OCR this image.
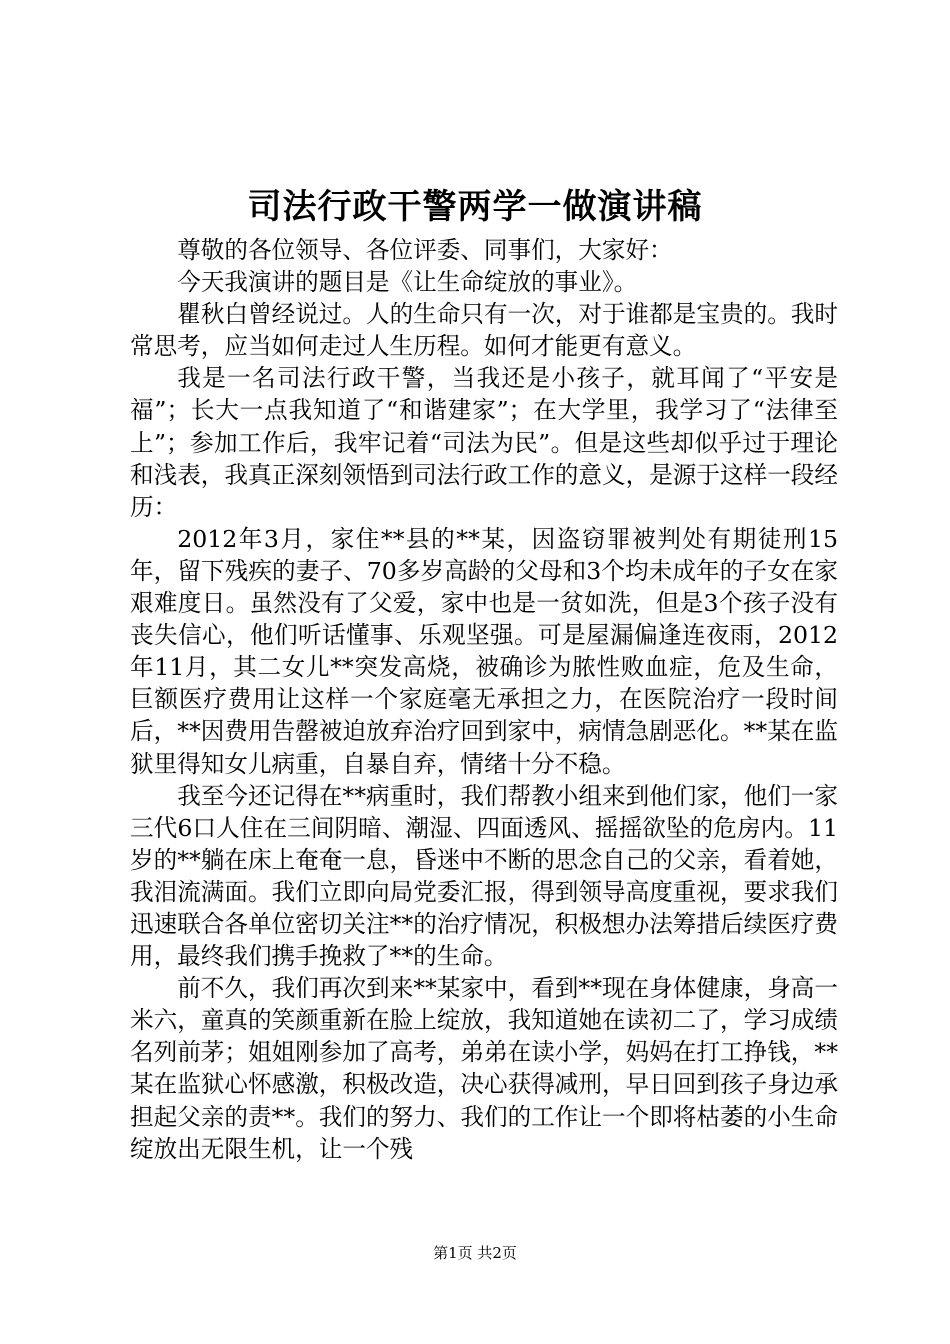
司法行政干警两学一做演讲稿

尊敬的各位领导、各位评委、同事们，大家好：

今天我演讲的题目是《让生命绽放的事业》。

瞿秋白曾经说过。人的生命只有一次，对于谁都是宝贵的。我时常思考，应当如何走过人生历程。如何才能更有意义。

我是一名司法行政干警，当我还是小孩子，就耳闻了“平安是福”；长大一点我知道了“和谐建家”；在大学里，我学习了“法律至上”；参加工作后，我牢记着“司法为民”。但是这些却似乎过于理论和浅表，我真正深刻领悟到司法行政工作的意义，是源于这样一段经历：

2012年3月，家住**县的**某，因盗窃罪被判处有期徒刑15年，留下残疾的妻子、70多岁高龄的父母和3个均未成年的子女在家艰难度日。虽然没有了父爱，家中也是一贫如洗，但是3个孩子没有丧失信心，他们听话懂事、乐观坚强。可是屋漏偏逢连夜雨，2012年11月，其二女儿**突发高烧，被确诊为脓性败血症，危及生命，巨额医疗费用让这样一个家庭毫无承担之力，在医院治疗一段时间后，**因费用告罄被迫放弃治疗回到家中，病情急剧恶化。**某在监狱里得知女儿病重，自暴自弃，情绪十分不稳。

我至今还记得在**病重时，我们帮教小组来到他们家，他们一家三代6口人住在三间阴暗、潮湿、四面透风、摇摇欲坠的危房内。11岁的**躺在床上奄奄一息，昏迷中不断的思念自己的父亲，看着她，我泪流满面。我们立即向局党委汇报，得到领导高度重视，要求我们迅速联合各单位密切关注**的治疗情况，积极想办法筹措后续医疗费用，最终我们携手挽救了**的生命。

前不久，我们再次到来**某家中，看到**现在身体健康，身高一米六，童真的笑颜重新在脸上绽放，我知道她在读初二了，学习成绩名列前茅；姐姐刚参加了高考，弟弟在读小学，妈妈在打工挣钱，**某在监狱心怀感激，积极改造，决心获得减刑，早日回到孩子身边承担起父亲的责**。我们的努力、我们的工作让一个即将枯萎的小生命绽放出无限生机，让一个残

第1页 共2页
